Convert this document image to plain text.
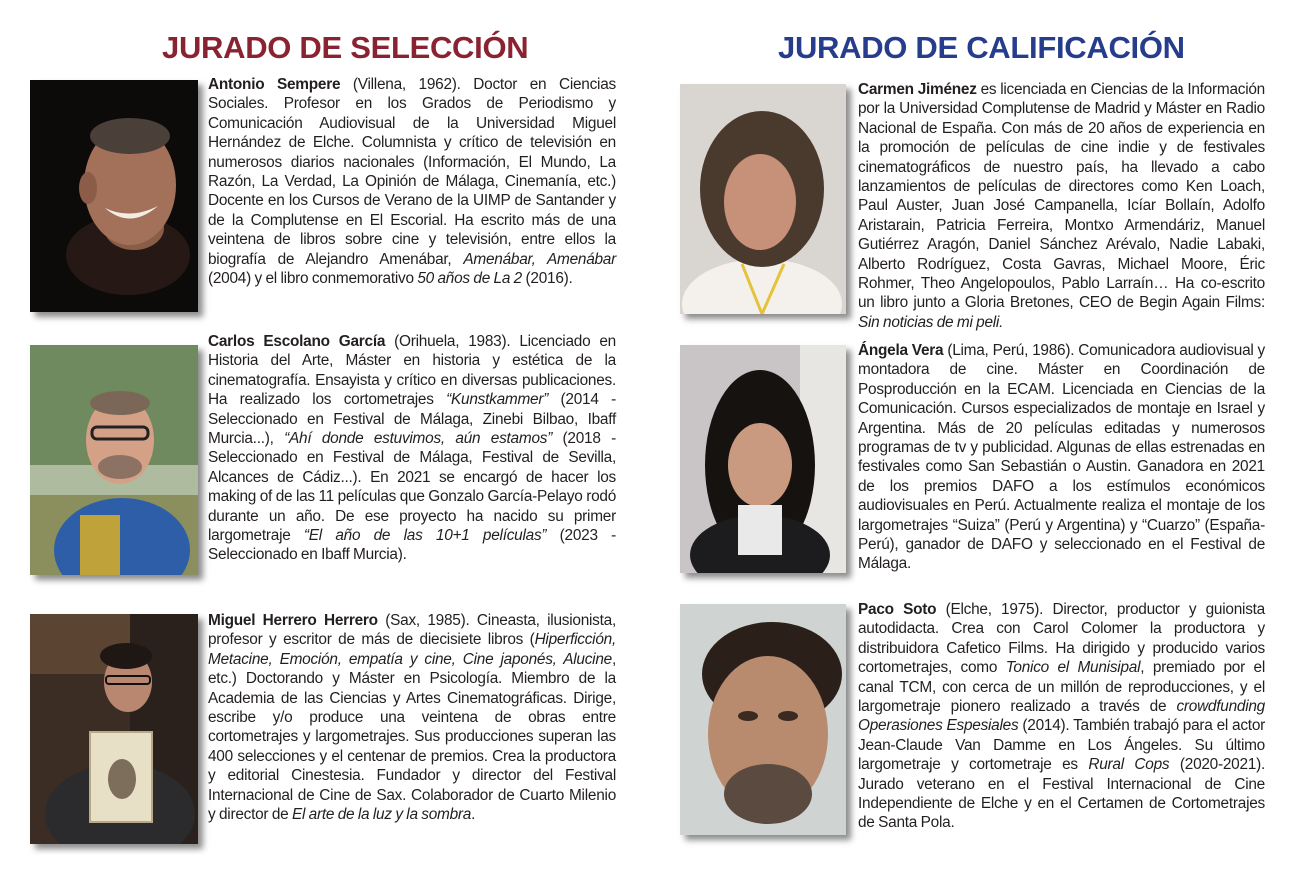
JURADO DE SELECCIÓN	JURADO DE CALIFICACIÓN

Antonio Sempere (Villena, 1962). Doctor en Ciencias Sociales. Profesor en los Grados de Periodismo y Comunicación Audiovisual de la Universidad Miguel Hernández de Elche. Columnista y crítico de televisión en numerosos diarios nacionales (Información, El Mundo, La Razón, La Verdad, La Opinión de Málaga, Cinemanía, etc.) Docente en los Cursos de Verano de la UIMP de Santander y de la Complutense en El Escorial. Ha escrito más de una veintena de libros sobre cine y televisión, entre ellos la biografía de Alejandro Amenábar, Amenábar, Amenábar (2004) y el libro conmemorativo 50 años de La 2 (2016).

Carlos Escolano García (Orihuela, 1983). Licenciado en Historia del Arte, Máster en historia y estética de la cinematografía. Ensayista y crítico en diversas publicaciones. Ha realizado los cortometrajes “Kunstkammer” (2014 - Seleccionado en Festival de Málaga, Zinebi Bilbao, Ibaff Murcia...), “Ahí donde estuvimos, aún estamos” (2018 - Seleccionado en Festival de Málaga, Festival de Sevilla, Alcances de Cádiz...). En 2021 se encargó de hacer los making of de las 11 películas que Gonzalo García-Pelayo rodó durante un año. De ese proyecto ha nacido su primer largometraje “El año de las 10+1 películas” (2023 - Seleccionado en Ibaff Murcia).

Miguel Herrero Herrero (Sax, 1985). Cineasta, ilusionista, profesor y escritor de más de diecisiete libros (Hiperficción, Metacine, Emoción, empatía y cine, Cine japonés, Alucine, etc.) Doctorando y Máster en Psicología. Miembro de la Academia de las Ciencias y Artes Cinematográficas. Dirige, escribe y/o produce una veintena de obras entre cortometrajes y largometrajes. Sus producciones superan las 400 selecciones y el centenar de premios. Crea la productora y editorial Cinestesia. Fundador y director del Festival Internacional de Cine de Sax. Colaborador de Cuarto Milenio y director de El arte de la luz y la sombra.

Carmen Jiménez es licenciada en Ciencias de la Información por la Universidad Complutense de Madrid y Máster en Radio Nacional de España. Con más de 20 años de experiencia en la promoción de películas de cine indie y de festivales cinematográficos de nuestro país, ha llevado a cabo lanzamientos de películas de directores como Ken Loach, Paul Auster, Juan José Campanella, Icíar Bollaín, Adolfo Aristarain, Patricia Ferreira, Montxo Armendáriz, Manuel Gutiérrez Aragón, Daniel Sánchez Arévalo, Nadie Labaki, Alberto Rodríguez, Costa Gavras, Michael Moore, Éric Rohmer, Theo Angelopoulos, Pablo Larraín… Ha co-escrito un libro junto a Gloria Bretones, CEO de Begin Again Films: Sin noticias de mi peli.

Ángela Vera (Lima, Perú, 1986). Comunicadora audiovisual y montadora de cine. Máster en Coordinación de Posproducción en la ECAM. Licenciada en Ciencias de la Comunicación. Cursos especializados de montaje en Israel y Argentina. Más de 20 películas editadas y numerosos programas de tv y publicidad. Algunas de ellas estrenadas en festivales como San Sebastián o Austin. Ganadora en 2021 de los premios DAFO a los estímulos económicos audiovisuales en Perú. Actualmente realiza el montaje de los largometrajes “Suiza” (Perú y Argentina) y “Cuarzo” (España-Perú), ganador de DAFO y seleccionado en el Festival de Málaga.

Paco Soto (Elche, 1975). Director, productor y guionista autodidacta. Crea con Carol Colomer la productora y distribuidora Cafetico Films. Ha dirigido y producido varios cortometrajes, como Tonico el Munisipal, premiado por el canal TCM, con cerca de un millón de reproducciones, y el largometraje pionero realizado a través de crowdfunding Operasiones Espesiales (2014). También trabajó para el actor Jean-Claude Van Damme en Los Ángeles. Su último largometraje y cortometraje es Rural Cops (2020-2021). Jurado veterano en el Festival Internacional de Cine Independiente de Elche y en el Certamen de Cortometrajes de Santa Pola.
